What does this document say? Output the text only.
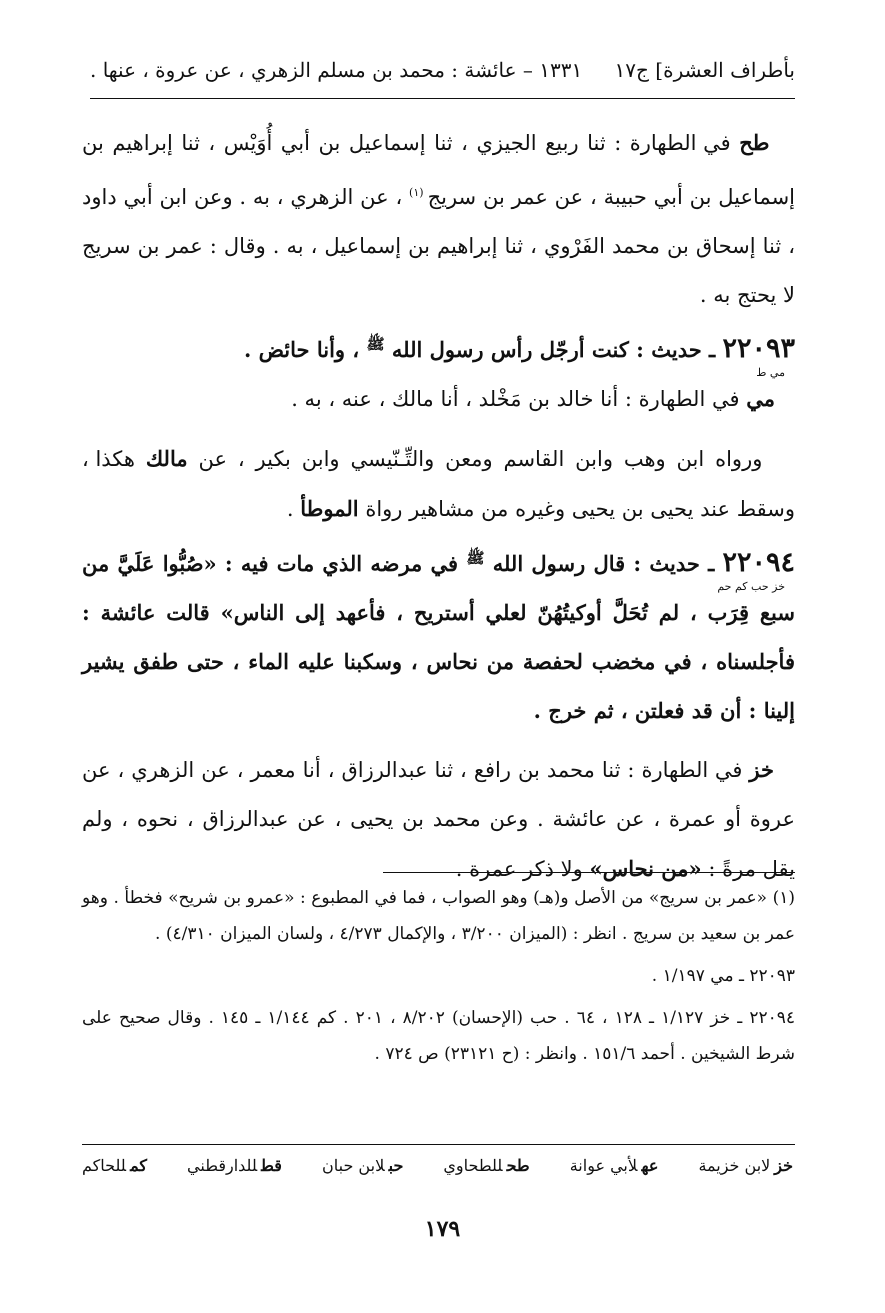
بأطراف العشرة] ج١٧
١٣٣١ – عائشة : محمد بن مسلم الزهري ، عن عروة ، عنها .

طح في الطهارة : ثنا ربيع الجيزي ، ثنا إسماعيل بن أبي أُوَيْس ، ثنا إبراهيم بن إسماعيل بن أبي حبيبة ، عن عمر بن سريج$^{(١)}$ ، عن الزهري ، به . وعن ابن أبي داود ، ثنا إسحاق بن محمد الفَرْوي ، ثنا إبراهيم بن إسماعيل ، به . وقال : عمر بن سريج لا يحتج به .

٢٢٠٩٣ ـ حديث : كنت أرجّل رأس رسول الله $^ﷺ$ ، وأنا حائض .
مي ط

مي في الطهارة : أنا خالد بن مَخْلد ، أنا مالك ، عنه ، به .

ورواه ابن وهب وابن القاسم ومعن والتِّـنّيسي وابن بكير ، عن مالك هكذا ، وسقط عند يحيى بن يحيى وغيره من مشاهير رواة الموطأ .

٢٢٠٩٤ ـ حديث : قال رسول الله $^ﷺ$ في مرضه الذي مات فيه : «صُبُّوا عَلَيَّ من سبع قِرَب ، لم تُحَلَّ أوكيتُهُنّ لعلي أستريح ، فأعهد إلى الناس» قالت عائشة : فأجلسناه ، في مخضب لحفصة من نحاس ، وسكبنا عليه الماء ، حتى طفق يشير إلينا : أن قد فعلتن ، ثم خرج .
خز حب كم حم

خز في الطهارة : ثنا محمد بن رافع ، ثنا عبدالرزاق ، أنا معمر ، عن الزهري ، عن عروة أو عمرة ، عن عائشة . وعن محمد بن يحيى ، عن عبدالرزاق ، نحوه ، ولم يقل مرةً : «من نحاس» ولا ذكر عمرة .

(١) «عمر بن سريج» من الأصل و(هـ) وهو الصواب ، فما في المطبوع : «عمرو بن شريح» فخطأ . وهو عمر بن سعيد بن سريج . انظر : (الميزان ٣/٢٠٠ ، والإكمال ٤/٢٧٣ ، ولسان الميزان ٤/٣١٠) .

٢٢٠٩٣ ـ مي ١/١٩٧ .

٢٢٠٩٤ ـ خز ١/١٢٧ ـ ١٢٨ ، ٦٤ . حب (الإحسان) ٨/٢٠٢ ، ٢٠١ . كم ١/١٤٤ ـ ١٤٥ . وقال صحيح على شرط الشيخين . أحمد ١٥١/٦ . وانظر : (ح ٢٣١٢١) ص ٧٢٤ .

خزلابن خزيمة
عهلأبي عوانة
طحللطحاوي
حبلابن حبان
قطللدارقطني
كمللحاكم
١٧٩
